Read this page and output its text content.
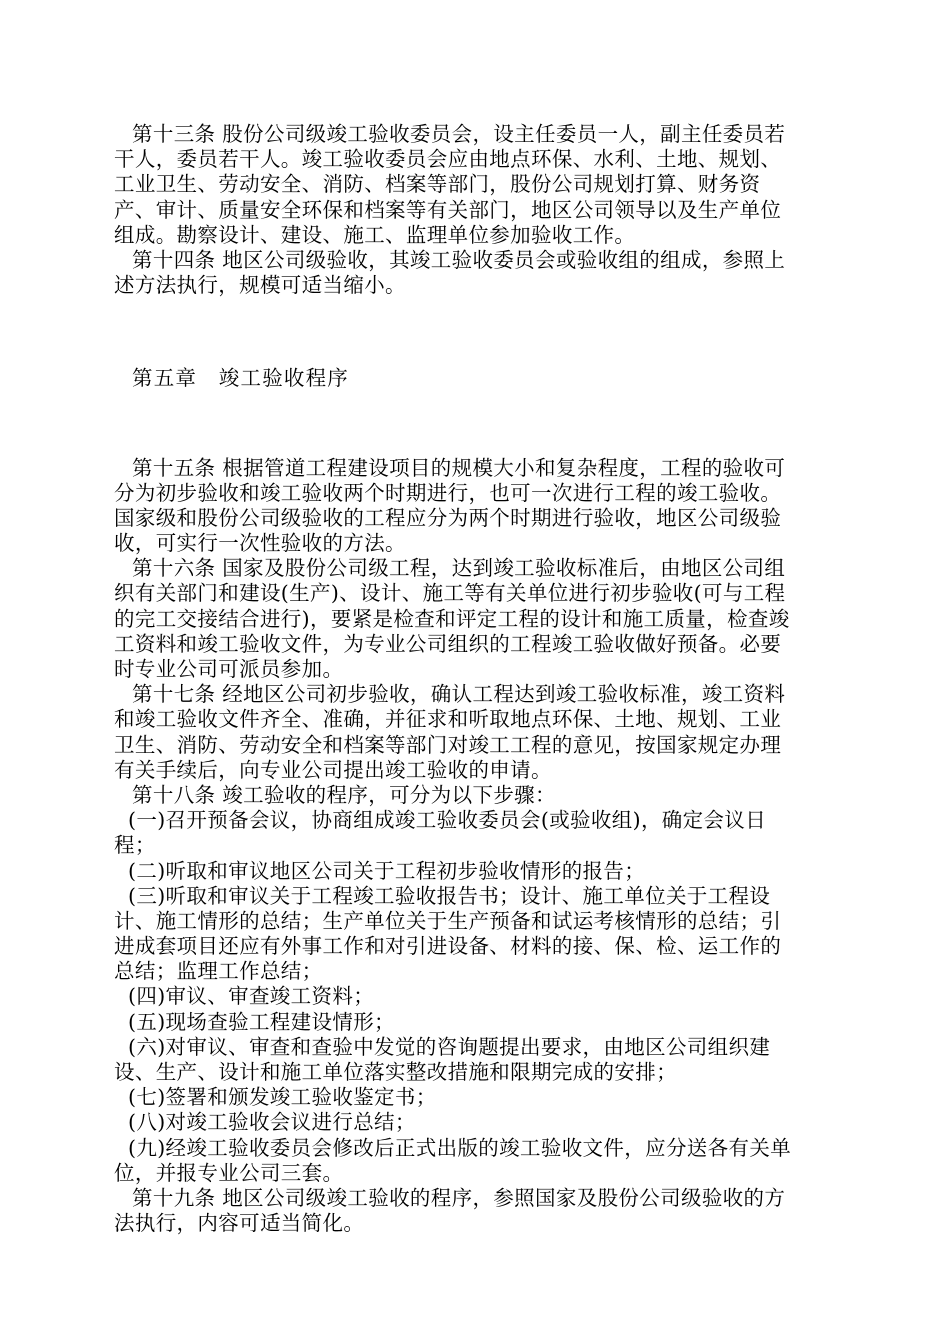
第十三条 股份公司级竣工验收委员会，设主任委员一人，副主任委员若
干人，委员若干人。竣工验收委员会应由地点环保、水利、土地、规划、
工业卫生、劳动安全、消防、档案等部门，股份公司规划打算、财务资
产、审计、质量安全环保和档案等有关部门，地区公司领导以及生产单位
组成。勘察设计、建设、施工、监理单位参加验收工作。
第十四条 地区公司级验收，其竣工验收委员会或验收组的组成，参照上
述方法执行，规模可适当缩小。
第五章　竣工验收程序
第十五条 根据管道工程建设项目的规模大小和复杂程度，工程的验收可
分为初步验收和竣工验收两个时期进行，也可一次进行工程的竣工验收。
国家级和股份公司级验收的工程应分为两个时期进行验收，地区公司级验
收，可实行一次性验收的方法。
第十六条 国家及股份公司级工程，达到竣工验收标准后，由地区公司组
织有关部门和建设(生产)、设计、施工等有关单位进行初步验收(可与工程
的完工交接结合进行)，要紧是检查和评定工程的设计和施工质量，检查竣
工资料和竣工验收文件，为专业公司组织的工程竣工验收做好预备。必要
时专业公司可派员参加。
第十七条 经地区公司初步验收，确认工程达到竣工验收标准，竣工资料
和竣工验收文件齐全、准确，并征求和听取地点环保、土地、规划、工业
卫生、消防、劳动安全和档案等部门对竣工工程的意见，按国家规定办理
有关手续后，向专业公司提出竣工验收的申请。
第十八条 竣工验收的程序，可分为以下步骤：
(一)召开预备会议，协商组成竣工验收委员会(或验收组)，确定会议日
程；
(二)听取和审议地区公司关于工程初步验收情形的报告；
(三)听取和审议关于工程竣工验收报告书；设计、施工单位关于工程设
计、施工情形的总结；生产单位关于生产预备和试运考核情形的总结；引
进成套项目还应有外事工作和对引进设备、材料的接、保、检、运工作的
总结；监理工作总结；
(四)审议、审查竣工资料；
(五)现场查验工程建设情形；
(六)对审议、审查和查验中发觉的咨询题提出要求，由地区公司组织建
设、生产、设计和施工单位落实整改措施和限期完成的安排；
(七)签署和颁发竣工验收鉴定书；
(八)对竣工验收会议进行总结；
(九)经竣工验收委员会修改后正式出版的竣工验收文件，应分送各有关单
位，并报专业公司三套。
第十九条 地区公司级竣工验收的程序，参照国家及股份公司级验收的方
法执行，内容可适当简化。
